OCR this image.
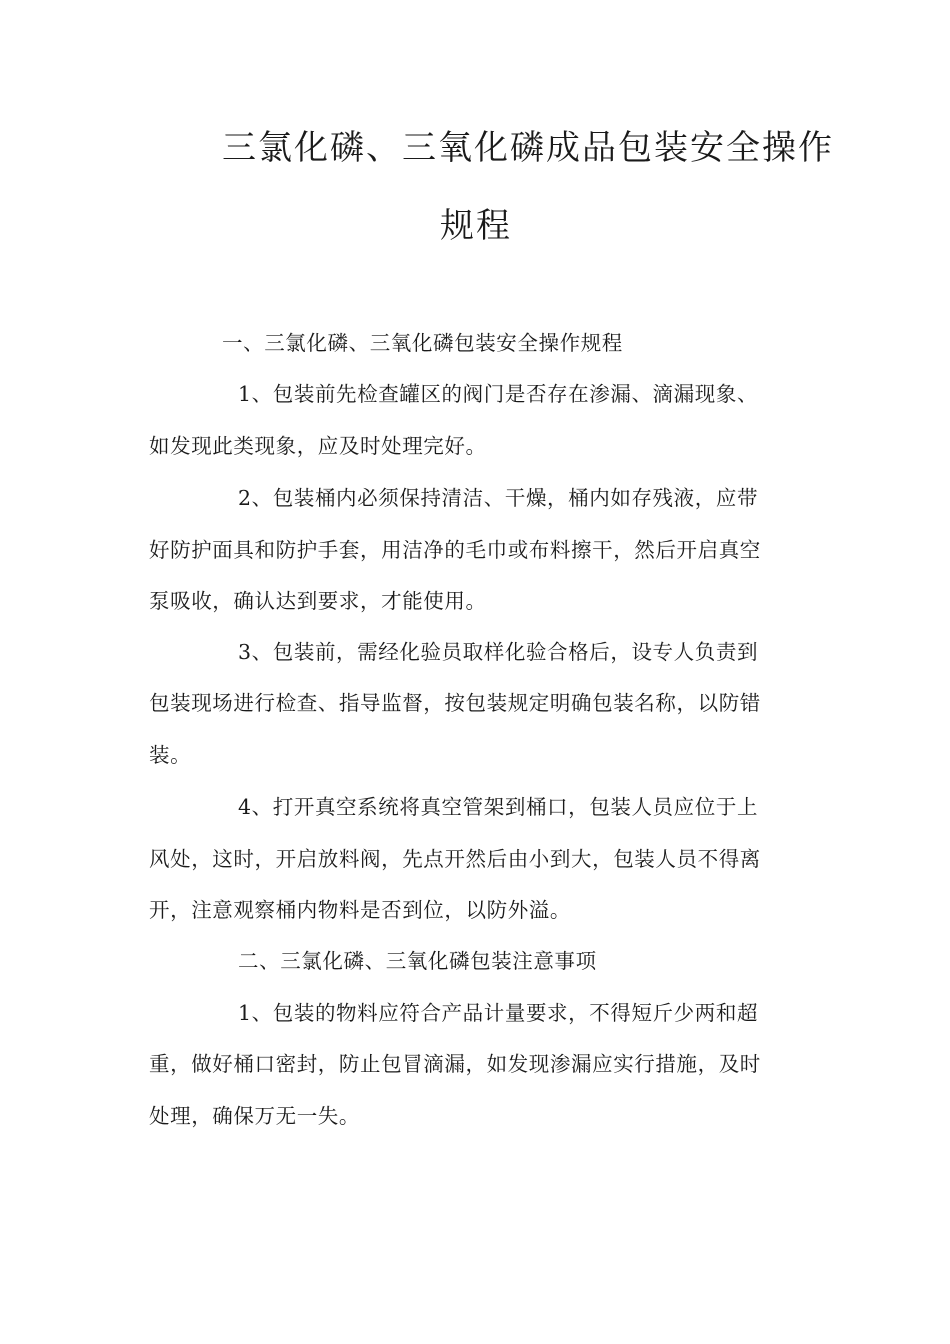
三氯化磷、三氧化磷成品包装安全操作
规程
一、三氯化磷、三氧化磷包装安全操作规程
1、包装前先检查罐区的阀门是否存在渗漏、滴漏现象、
如发现此类现象，应及时处理完好。
2、包装桶内必须保持清洁、干燥，桶内如存残液，应带
好防护面具和防护手套，用洁净的毛巾或布料擦干，然后开启真空
泵吸收，确认达到要求，才能使用。
3、包装前，需经化验员取样化验合格后，设专人负责到
包装现场进行检查、指导监督，按包装规定明确包装名称，以防错
装。
4、打开真空系统将真空管架到桶口，包装人员应位于上
风处，这时，开启放料阀，先点开然后由小到大，包装人员不得离
开，注意观察桶内物料是否到位，以防外溢。
二、三氯化磷、三氧化磷包装注意事项
1、包装的物料应符合产品计量要求，不得短斤少两和超
重，做好桶口密封，防止包冒滴漏，如发现渗漏应实行措施，及时
处理，确保万无一失。
